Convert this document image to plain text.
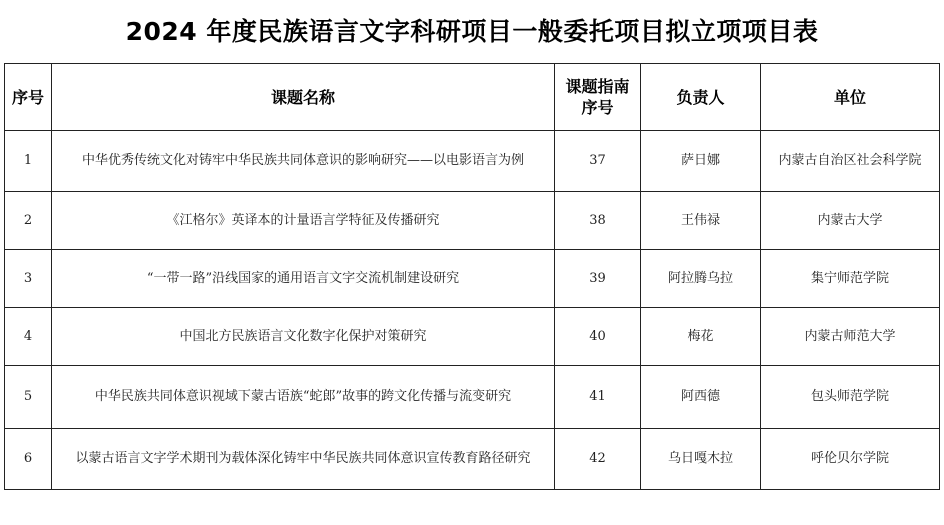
2024 年度民族语言文字科研项目一般委托项目拟立项项目表
序号	课题名称	课题指南序号	负责人	单位
1	中华优秀传统文化对铸牢中华民族共同体意识的影响研究——以电影语言为例	37	萨日娜	内蒙古自治区社会科学院
2	《江格尔》英译本的计量语言学特征及传播研究	38	王伟禄	内蒙古大学
3	“一带一路”沿线国家的通用语言文字交流机制建设研究	39	阿拉腾乌拉	集宁师范学院
4	中国北方民族语言文化数字化保护对策研究	40	梅花	内蒙古师范大学
5	中华民族共同体意识视域下蒙古语族“蛇郎”故事的跨文化传播与流变研究	41	阿西德	包头师范学院
6	以蒙古语言文字学术期刊为载体深化铸牢中华民族共同体意识宣传教育路径研究	42	乌日嘎木拉	呼伦贝尔学院
